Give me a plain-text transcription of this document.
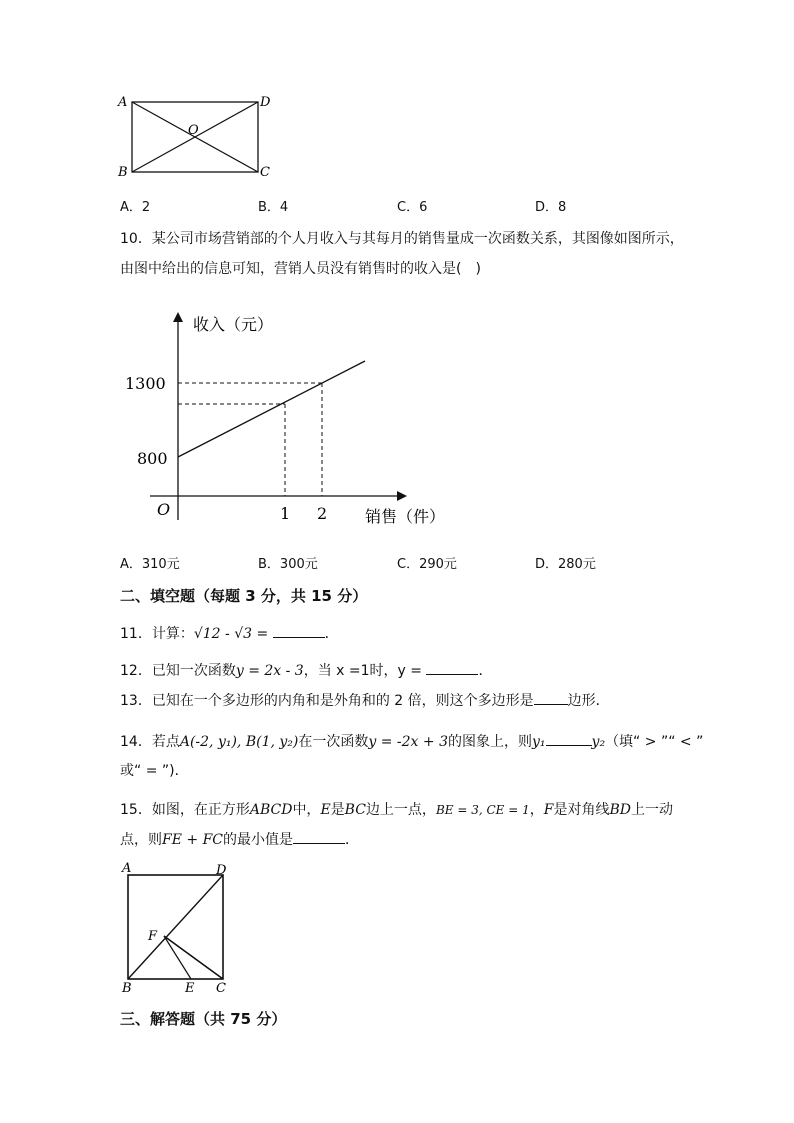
A	D
O
B	C
A．2	B．4	C．6	D．8
10．某公司市场营销部的个人月收入与其每月的销售量成一次函数关系，其图像如图所示，
由图中给出的信息可知，营销人员没有销售时的收入是(　)
收入（元）
1300
800
O	1 2 销售（件）
A．310元	B．300元	C．290元	D．280元
二、填空题（每题 3 分，共 15 分）
11．计算：√12 - √3 =	．
12．已知一次函数y = 2x - 3，当 x =1时，y =	．
13．已知在一个多边形的内角和是外角和的 2 倍，则这个多边形是 边形．
14．若点A(-2, y₁), B(1, y₂)在一次函数y = -2x + 3的图象上，则y₁	y₂（填“ > ”“ < ”
或“ = ”)．
15．如图，在正方形ABCD中，E是BC边上一点，BE = 3, CE = 1，F是对角线BD上一动
点，则FE + FC的最小值是	．
A	D
F
B	E C
三、解答题（共 75 分）
